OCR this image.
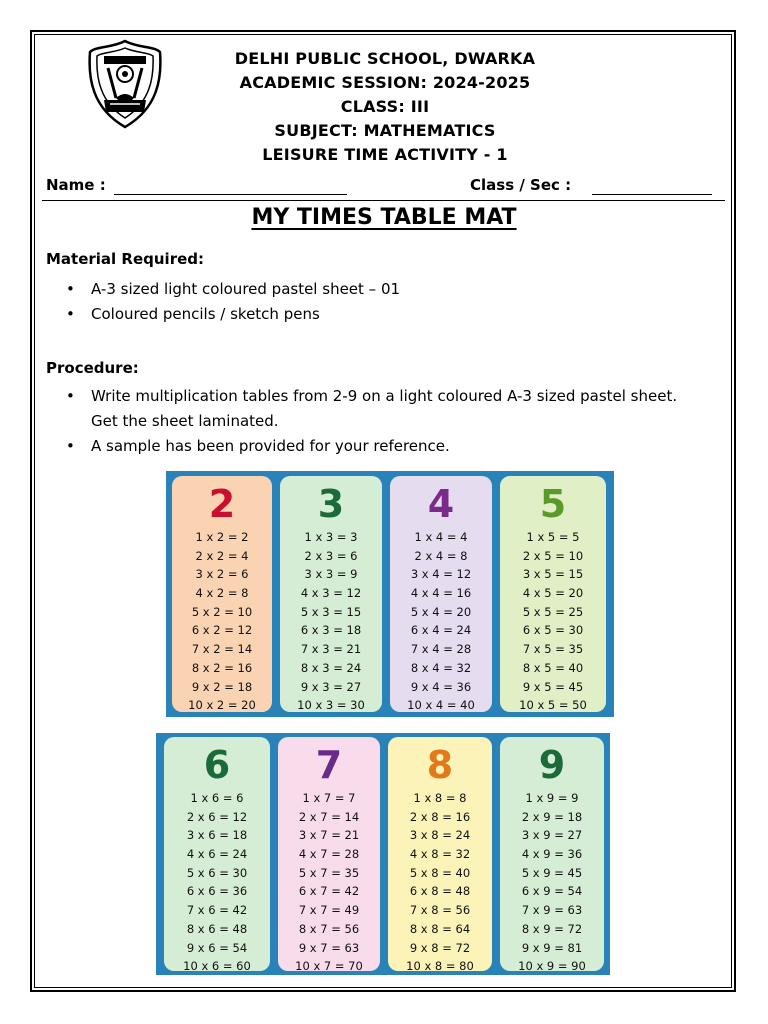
DELHI PUBLIC SCHOOL, DWARKA
ACADEMIC SESSION: 2024-2025
CLASS: III
SUBJECT: MATHEMATICS
LEISURE TIME ACTIVITY - 1
Name :	Class / Sec :
MY TIMES TABLE MAT
Material Required:
• A-3 sized light coloured pastel sheet – 01
• Coloured pencils / sketch pens
Procedure:
• Write multiplication tables from 2-9 on a light coloured A-3 sized pastel sheet. Get the sheet laminated.
• A sample has been provided for your reference.
2
1 x 2 = 2
2 x 2 = 4
3 x 2 = 6
4 x 2 = 8
5 x 2 = 10
6 x 2 = 12
7 x 2 = 14
8 x 2 = 16
9 x 2 = 18
10 x 2 = 20
3
1 x 3 = 3
2 x 3 = 6
3 x 3 = 9
4 x 3 = 12
5 x 3 = 15
6 x 3 = 18
7 x 3 = 21
8 x 3 = 24
9 x 3 = 27
10 x 3 = 30
4
1 x 4 = 4
2 x 4 = 8
3 x 4 = 12
4 x 4 = 16
5 x 4 = 20
6 x 4 = 24
7 x 4 = 28
8 x 4 = 32
9 x 4 = 36
10 x 4 = 40
5
1 x 5 = 5
2 x 5 = 10
3 x 5 = 15
4 x 5 = 20
5 x 5 = 25
6 x 5 = 30
7 x 5 = 35
8 x 5 = 40
9 x 5 = 45
10 x 5 = 50
6
1 x 6 = 6
2 x 6 = 12
3 x 6 = 18
4 x 6 = 24
5 x 6 = 30
6 x 6 = 36
7 x 6 = 42
8 x 6 = 48
9 x 6 = 54
10 x 6 = 60
7
1 x 7 = 7
2 x 7 = 14
3 x 7 = 21
4 x 7 = 28
5 x 7 = 35
6 x 7 = 42
7 x 7 = 49
8 x 7 = 56
9 x 7 = 63
10 x 7 = 70
8
1 x 8 = 8
2 x 8 = 16
3 x 8 = 24
4 x 8 = 32
5 x 8 = 40
6 x 8 = 48
7 x 8 = 56
8 x 8 = 64
9 x 8 = 72
10 x 8 = 80
9
1 x 9 = 9
2 x 9 = 18
3 x 9 = 27
4 x 9 = 36
5 x 9 = 45
6 x 9 = 54
7 x 9 = 63
8 x 9 = 72
9 x 9 = 81
10 x 9 = 90
